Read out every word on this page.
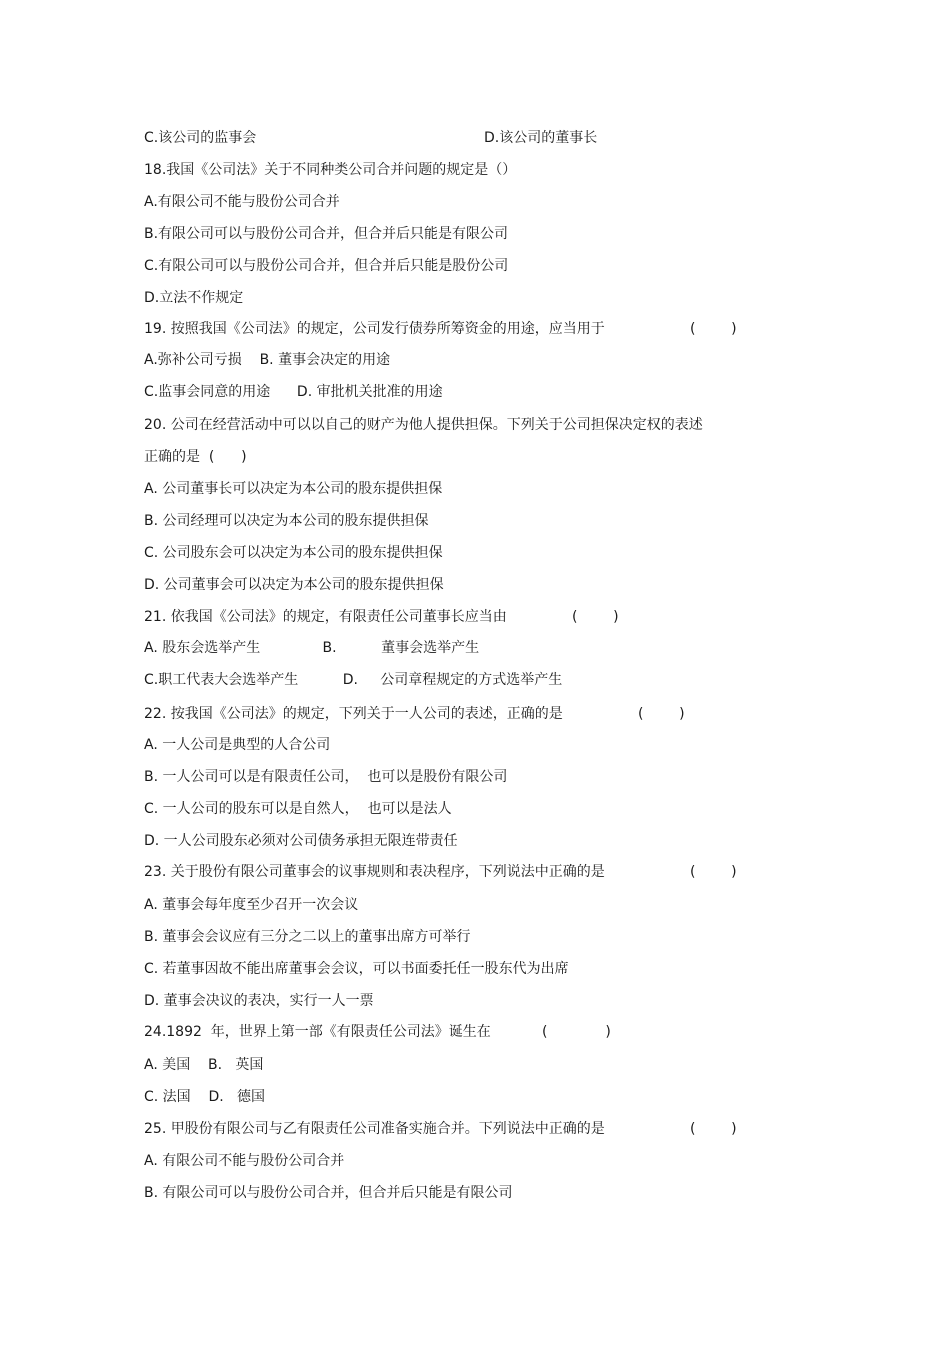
C.该公司的监事会	D.该公司的董事长
18.我国《公司法》关于不同种类公司合并问题的规定是（）
A.有限公司不能与股份公司合并
B.有限公司可以与股份公司合并，但合并后只能是有限公司
C.有限公司可以与股份公司合并，但合并后只能是股份公司
D.立法不作规定
19. 按照我国《公司法》的规定，公司发行债券所筹资金的用途，应当用于	(        )
A.弥补公司亏损    B. 董事会决定的用途
C.监事会同意的用途      D. 审批机关批准的用途
20. 公司在经营活动中可以以自己的财产为他人提供担保。下列关于公司担保决定权的表述
正确的是  (      )
A. 公司董事长可以决定为本公司的股东提供担保
B. 公司经理可以决定为本公司的股东提供担保
C. 公司股东会可以决定为本公司的股东提供担保
D. 公司董事会可以决定为本公司的股东提供担保
21. 依我国《公司法》的规定，有限责任公司董事长应当由	(        )
A. 股东会选举产生              B.          董事会选举产生
C.职工代表大会选举产生          D.     公司章程规定的方式选举产生
22. 按我国《公司法》的规定，下列关于一人公司的表述，正确的是	(        )
A. 一人公司是典型的人合公司
B. 一人公司可以是有限责任公司，  也可以是股份有限公司
C. 一人公司的股东可以是自然人，  也可以是法人
D. 一人公司股东必须对公司债务承担无限连带责任
23. 关于股份有限公司董事会的议事规则和表决程序，下列说法中正确的是	(        )
A. 董事会每年度至少召开一次会议
B. 董事会会议应有三分之二以上的董事出席方可举行
C. 若董事因故不能出席董事会会议，可以书面委托任一股东代为出席
D. 董事会决议的表决，实行一人一票
24.1892  年，世界上第一部《有限责任公司法》诞生在	(             )
A. 美国    B.   英国
C. 法国    D.   德国
25. 甲股份有限公司与乙有限责任公司准备实施合并。下列说法中正确的是	(        )
A. 有限公司不能与股份公司合并
B. 有限公司可以与股份公司合并，但合并后只能是有限公司
